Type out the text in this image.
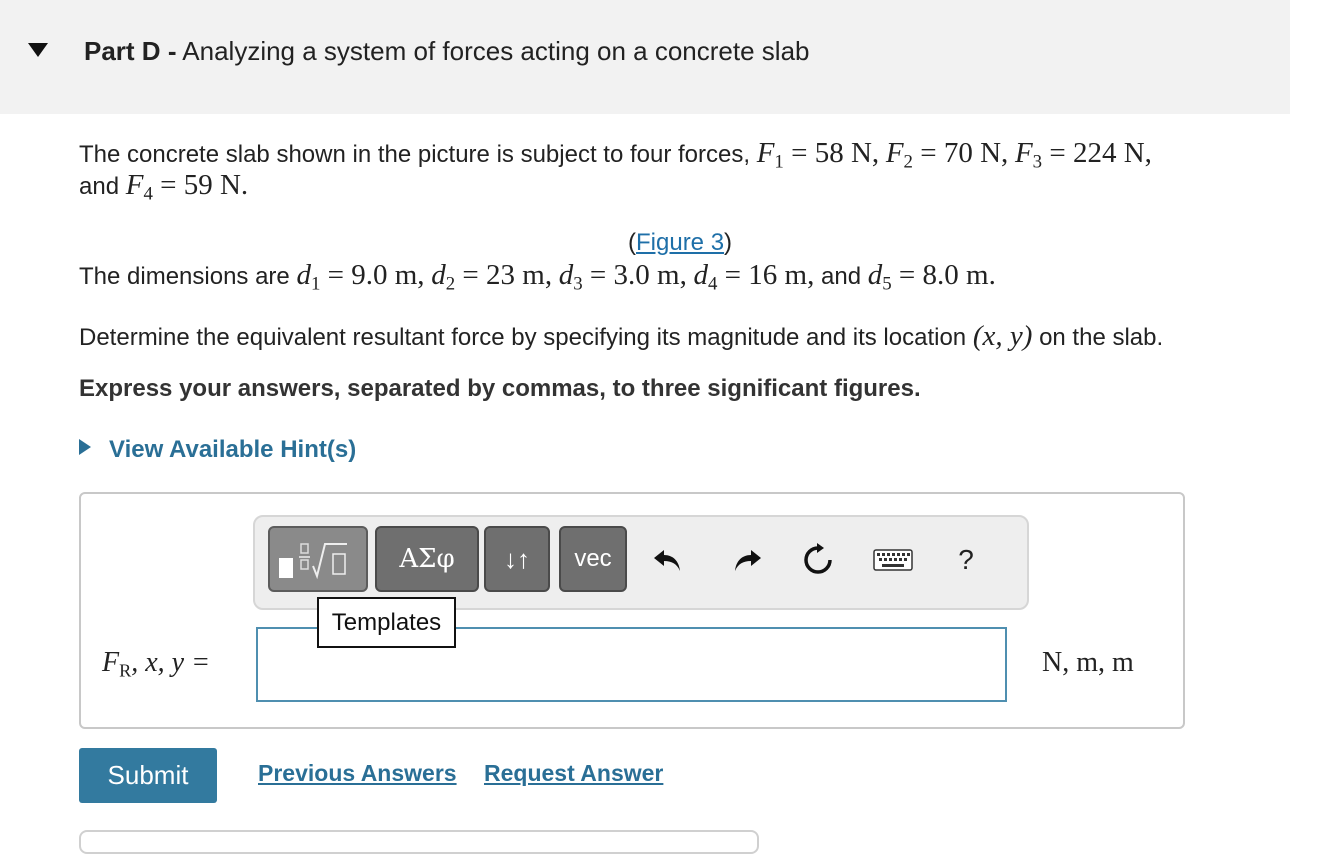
Part D - Analyzing a system of forces acting on a concrete slab
The concrete slab shown in the picture is subject to four forces, $F_1 = 58$ N, $F_2 = 70$ N, $F_3 = 224$ N,
and $F_4 = 59$ N.
(Figure 3)
The dimensions are $d_1 = 9.0$ m, $d_2 = 23$ m, $d_3 = 3.0$ m, $d_4 = 16$ m, and $d_5 = 8.0$ m.
Determine the equivalent resultant force by specifying its magnitude and its location (x, y) on the slab.
Express your answers, separated by commas, to three significant figures.
View Available Hint(s)
ΑΣφ	↓↑	vec	?
Templates
$F_R$, x, y =	N, m, m
Submit	Previous Answers Request Answer
